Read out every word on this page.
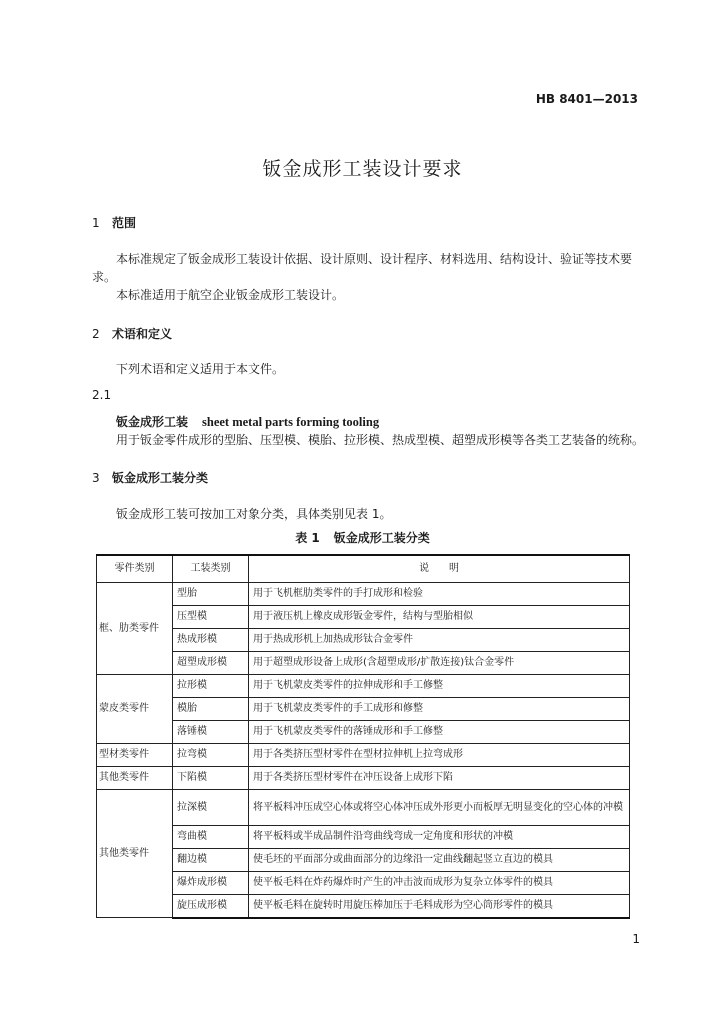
HB 8401—2013
钣金成形工装设计要求
1 范围
本标准规定了钣金成形工装设计依据、设计原则、设计程序、材料选用、结构设计、验证等技术要求。
本标准适用于航空企业钣金成形工装设计。
2 术语和定义
下列术语和定义适用于本文件。
2.1
钣金成形工装 sheet metal parts forming tooling
用于钣金零件成形的型胎、压型模、模胎、拉形模、热成型模、超塑成形模等各类工艺装备的统称。
3 钣金成形工装分类
钣金成形工装可按加工对象分类，具体类别见表 1。
表 1 钣金成形工装分类
零件类别	工装类别	说　　明
框、肋类零件	型胎	用于飞机框肋类零件的手打成形和检验
	压型模	用于液压机上橡皮成形钣金零件，结构与型胎相似
	热成形模	用于热成形机上加热成形钛合金零件
	超塑成形模	用于超塑成形设备上成形(含超塑成形/扩散连接)钛合金零件
蒙皮类零件	拉形模	用于飞机蒙皮类零件的拉伸成形和手工修整
	模胎	用于飞机蒙皮类零件的手工成形和修整
	落锤模	用于飞机蒙皮类零件的落锤成形和手工修整
型材类零件	拉弯模	用于各类挤压型材零件在型材拉伸机上拉弯成形
其他类零件	下陷模	用于各类挤压型材零件在冲压设备上成形下陷
其他类零件	拉深模	将平板料冲压成空心体或将空心体冲压成外形更小而板厚无明显变化的空心体的冲模
	弯曲模	将平板料或半成品制件沿弯曲线弯成一定角度和形状的冲模
	翻边模	使毛坯的平面部分或曲面部分的边缘沿一定曲线翻起竖立直边的模具
	爆炸成形模	使平板毛料在炸药爆炸时产生的冲击波而成形为复杂立体零件的模具
	旋压成形模	使平板毛料在旋转时用旋压棒加压于毛料成形为空心筒形零件的模具
1
